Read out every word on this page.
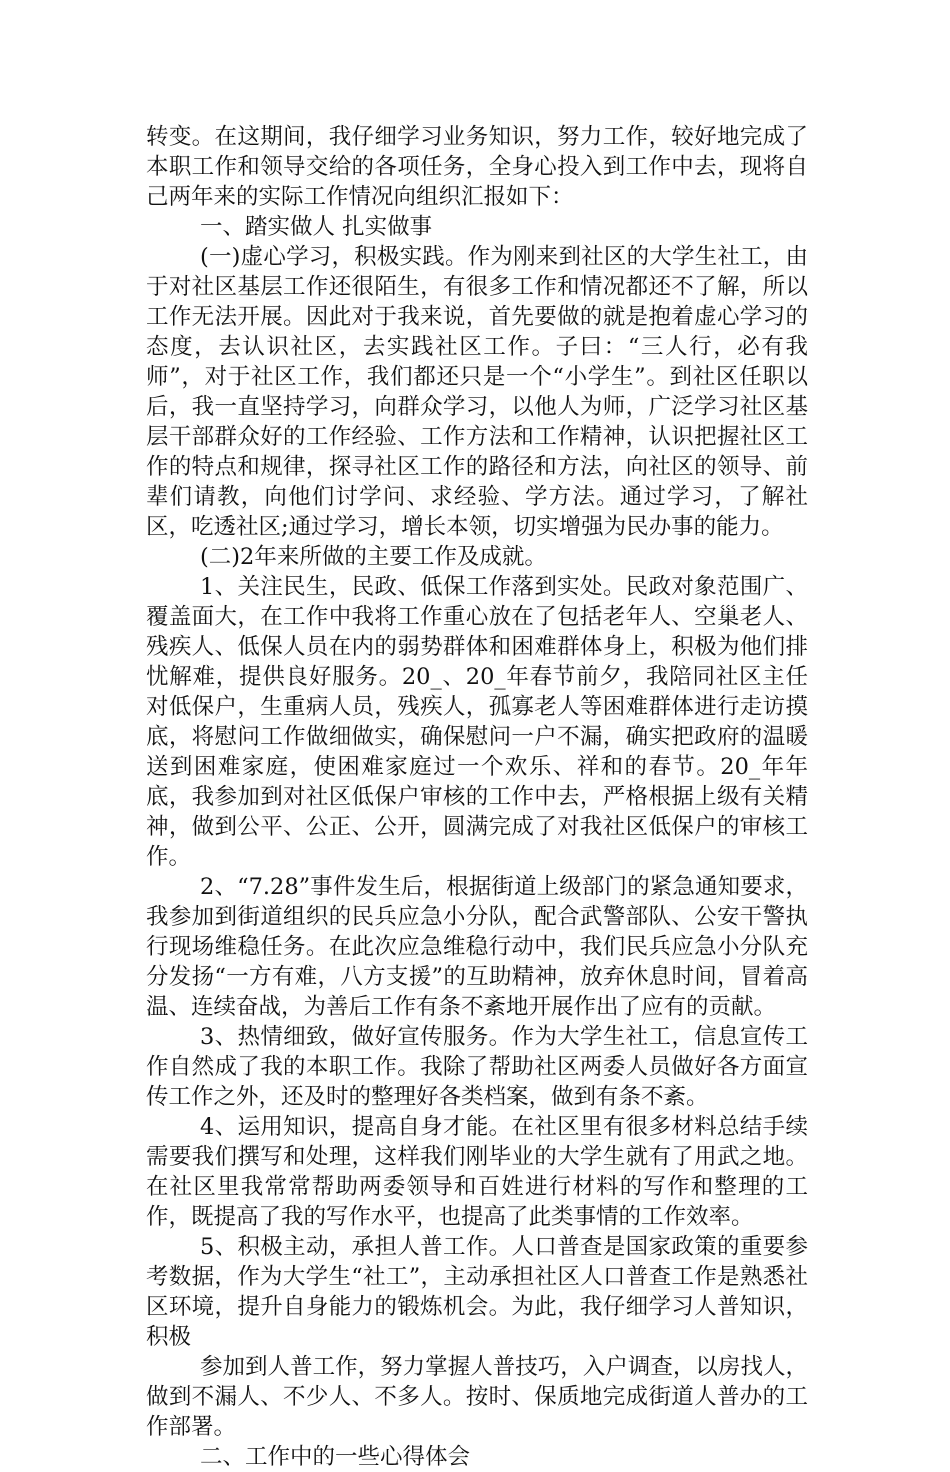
转变。在这期间，我仔细学习业务知识，努力工作，较好地完成了本职工作和领导交给的各项任务，全身心投入到工作中去，现将自己两年来的实际工作情况向组织汇报如下：

一、踏实做人 扎实做事

(一)虚心学习，积极实践。作为刚来到社区的大学生社工，由于对社区基层工作还很陌生，有很多工作和情况都还不了解，所以工作无法开展。因此对于我来说，首先要做的就是抱着虚心学习的态度，去认识社区，去实践社区工作。子曰：“三人行，必有我师”，对于社区工作，我们都还只是一个“小学生”。到社区任职以后，我一直坚持学习，向群众学习，以他人为师，广泛学习社区基层干部群众好的工作经验、工作方法和工作精神，认识把握社区工作的特点和规律，探寻社区工作的路径和方法，向社区的领导、前辈们请教，向他们讨学问、求经验、学方法。通过学习，了解社区，吃透社区;通过学习，增长本领，切实增强为民办事的能力。

(二)2年来所做的主要工作及成就。

1、关注民生，民政、低保工作落到实处。民政对象范围广、覆盖面大，在工作中我将工作重心放在了包括老年人、空巢老人、残疾人、低保人员在内的弱势群体和困难群体身上，积极为他们排忧解难，提供良好服务。20_、20_年春节前夕，我陪同社区主任对低保户，生重病人员，残疾人，孤寡老人等困难群体进行走访摸底，将慰问工作做细做实，确保慰问一户不漏，确实把政府的温暖送到困难家庭，使困难家庭过一个欢乐、祥和的春节。20_年年底，我参加到对社区低保户审核的工作中去，严格根据上级有关精神，做到公平、公正、公开，圆满完成了对我社区低保户的审核工作。

2、“7.28”事件发生后，根据街道上级部门的紧急通知要求，我参加到街道组织的民兵应急小分队，配合武警部队、公安干警执行现场维稳任务。在此次应急维稳行动中，我们民兵应急小分队充分发扬“一方有难，八方支援”的互助精神，放弃休息时间，冒着高温、连续奋战，为善后工作有条不紊地开展作出了应有的贡献。

3、热情细致，做好宣传服务。作为大学生社工，信息宣传工作自然成了我的本职工作。我除了帮助社区两委人员做好各方面宣传工作之外，还及时的整理好各类档案，做到有条不紊。

4、运用知识，提高自身才能。在社区里有很多材料总结手续需要我们撰写和处理，这样我们刚毕业的大学生就有了用武之地。在社区里我常常帮助两委领导和百姓进行材料的写作和整理的工作，既提高了我的写作水平，也提高了此类事情的工作效率。

5、积极主动，承担人普工作。人口普查是国家政策的重要参考数据，作为大学生“社工”，主动承担社区人口普查工作是熟悉社区环境，提升自身能力的锻炼机会。为此，我仔细学习人普知识，积极

参加到人普工作，努力掌握人普技巧，入户调查，以房找人，做到不漏人、不少人、不多人。按时、保质地完成街道人普办的工作部署。

二、工作中的一些心得体会
